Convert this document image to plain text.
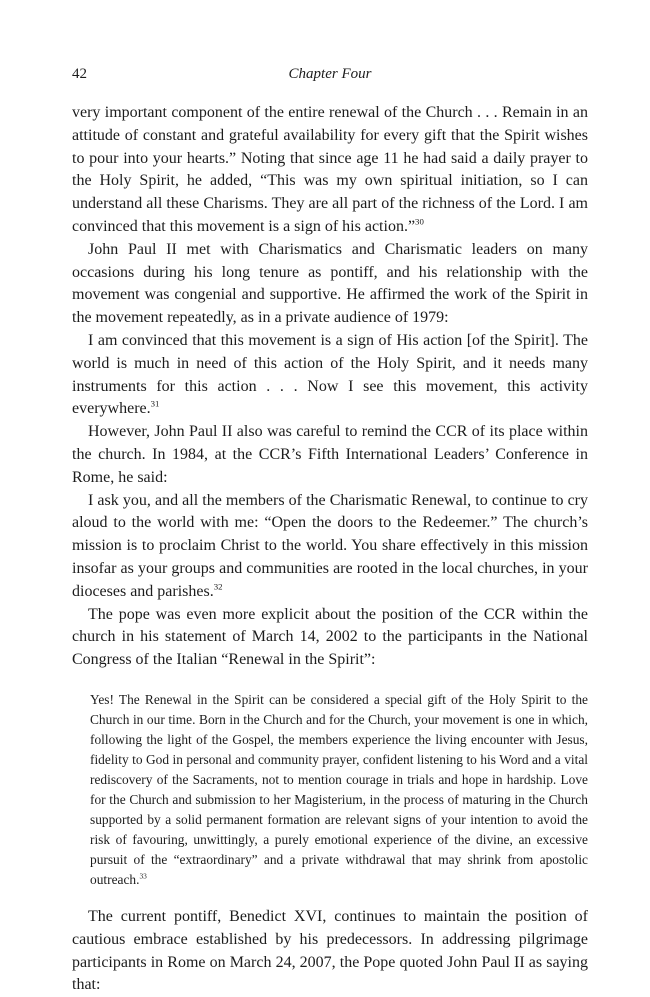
42	Chapter Four

very important component of the entire renewal of the Church . . . Remain in an attitude of constant and grateful availability for every gift that the Spirit wishes to pour into your hearts.” Noting that since age 11 he had said a daily prayer to the Holy Spirit, he added, “This was my own spiritual initiation, so I can understand all these Charisms. They are all part of the richness of the Lord. I am convinced that this movement is a sign of his action.”$^{30}$

John Paul II met with Charismatics and Charismatic leaders on many occasions during his long tenure as pontiff, and his relationship with the movement was congenial and supportive. He affirmed the work of the Spirit in the movement repeatedly, as in a private audience of 1979:

I am convinced that this movement is a sign of His action [of the Spirit]. The world is much in need of this action of the Holy Spirit, and it needs many instruments for this action . . . Now I see this movement, this activity everywhere.$^{31}$

However, John Paul II also was careful to remind the CCR of its place within the church. In 1984, at the CCR’s Fifth International Leaders’ Conference in Rome, he said:

I ask you, and all the members of the Charismatic Renewal, to continue to cry aloud to the world with me: “Open the doors to the Redeemer.” The church’s mission is to proclaim Christ to the world. You share effectively in this mission insofar as your groups and communities are rooted in the local churches, in your dioceses and parishes.$^{32}$

The pope was even more explicit about the position of the CCR within the church in his statement of March 14, 2002 to the participants in the National Congress of the Italian “Renewal in the Spirit”:

Yes! The Renewal in the Spirit can be considered a special gift of the Holy Spirit to the Church in our time. Born in the Church and for the Church, your movement is one in which, following the light of the Gospel, the members experience the living encounter with Jesus, fidelity to God in personal and community prayer, confident listening to his Word and a vital rediscovery of the Sacraments, not to mention courage in trials and hope in hardship. Love for the Church and submission to her Magisterium, in the process of maturing in the Church supported by a solid permanent formation are relevant signs of your intention to avoid the risk of favouring, unwittingly, a purely emotional experience of the divine, an excessive pursuit of the “extraordinary” and a private withdrawal that may shrink from apostolic outreach.$^{33}$

The current pontiff, Benedict XVI, continues to maintain the position of cautious embrace established by his predecessors. In addressing pilgrimage participants in Rome on March 24, 2007, the Pope quoted John Paul II as saying that:
